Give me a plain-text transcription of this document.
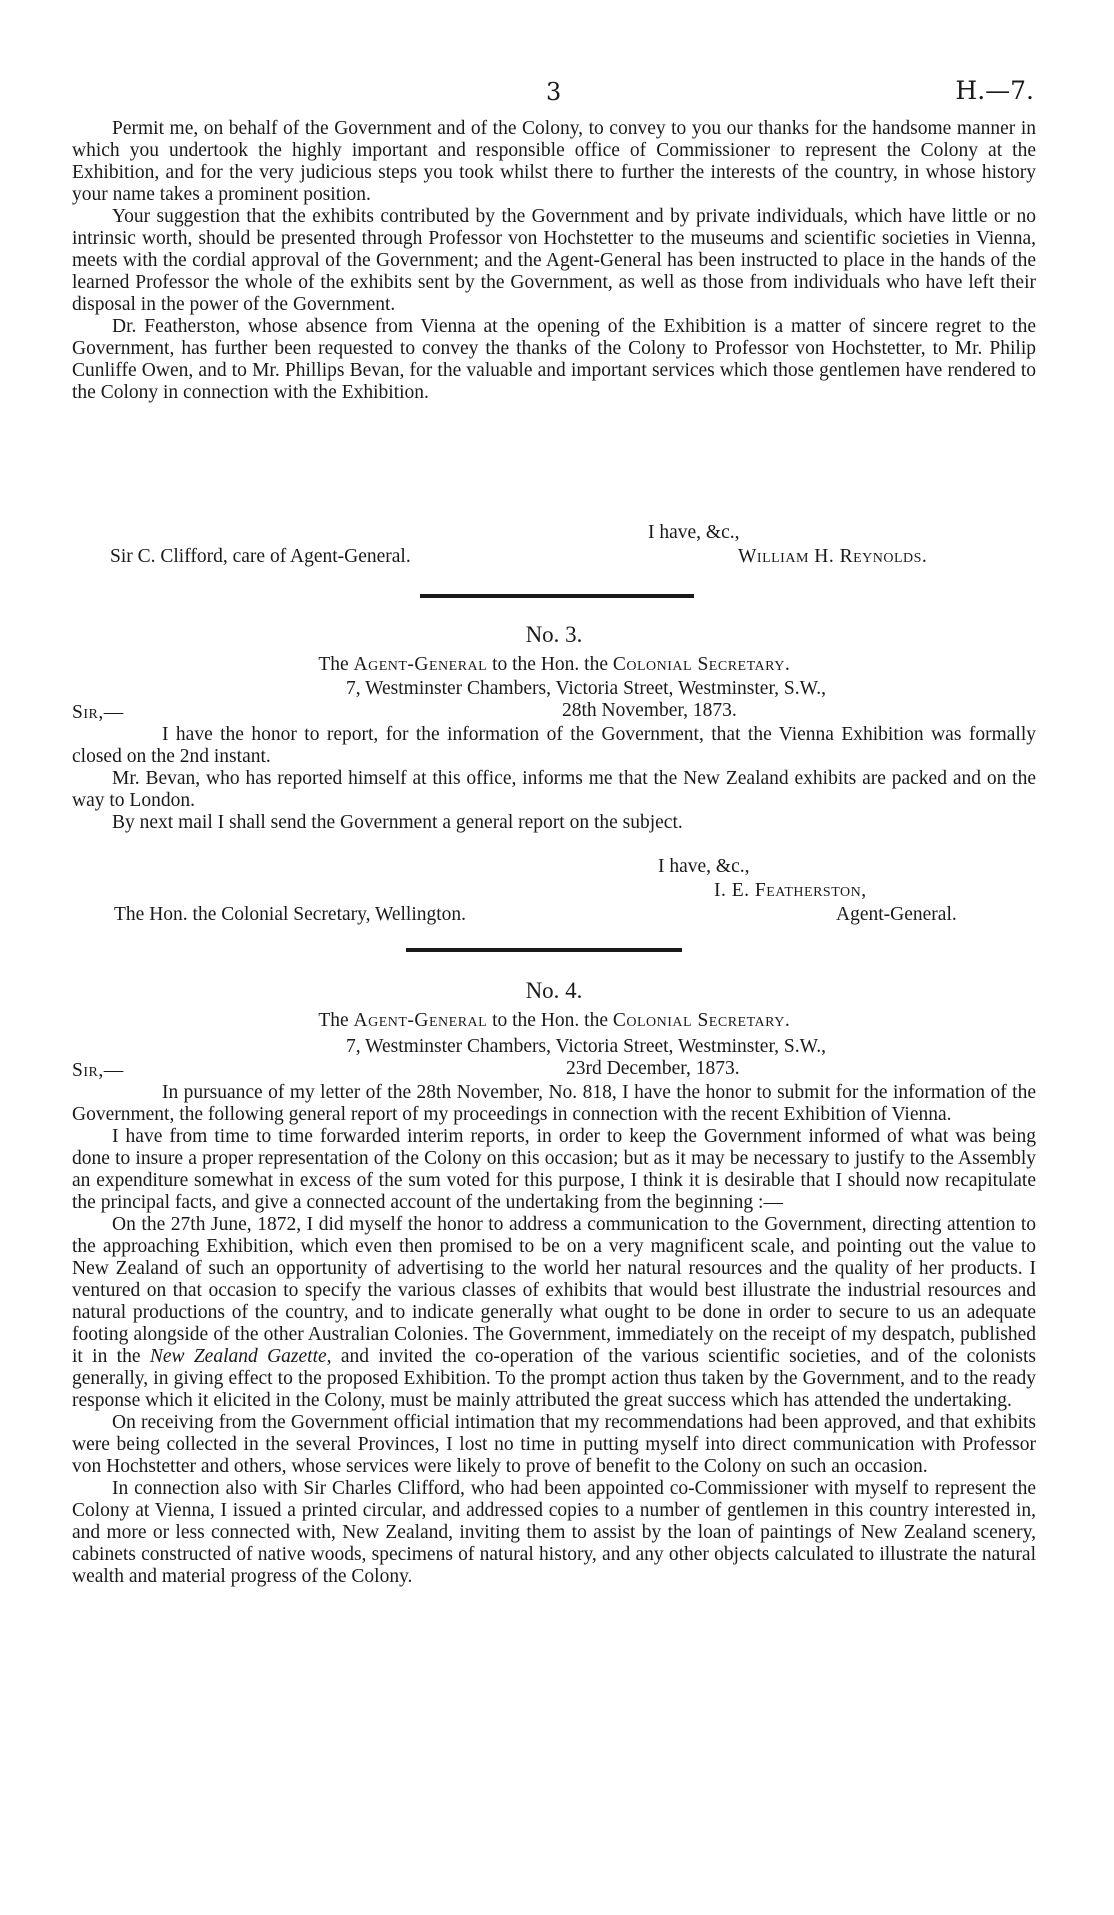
3	H.—7.

Permit me, on behalf of the Government and of the Colony, to convey to you our thanks for the handsome manner in which you undertook the highly important and responsible office of Commissioner to represent the Colony at the Exhibition, and for the very judicious steps you took whilst there to further the interests of the country, in whose history your name takes a prominent position.

Your suggestion that the exhibits contributed by the Government and by private individuals, which have little or no intrinsic worth, should be presented through Professor von Hochstetter to the museums and scientific societies in Vienna, meets with the cordial approval of the Government; and the Agent-General has been instructed to place in the hands of the learned Professor the whole of the exhibits sent by the Government, as well as those from individuals who have left their disposal in the power of the Government.

Dr. Featherston, whose absence from Vienna at the opening of the Exhibition is a matter of sincere regret to the Government, has further been requested to convey the thanks of the Colony to Professor von Hochstetter, to Mr. Philip Cunliffe Owen, and to Mr. Phillips Bevan, for the valuable and important services which those gentlemen have rendered to the Colony in connection with the Exhibition.

I have, &c.,
Sir C. Clifford, care of Agent-General.	William H. Reynolds.
No. 3.
The Agent-General to the Hon. the Colonial Secretary.
7, Westminster Chambers, Victoria Street, Westminster, S.W.,
28th November, 1873.
Sir,—

I have the honor to report, for the information of the Government, that the Vienna Exhibition was formally closed on the 2nd instant.

Mr. Bevan, who has reported himself at this office, informs me that the New Zealand exhibits are packed and on the way to London.

By next mail I shall send the Government a general report on the subject.

I have, &c.,
I. E. Featherston,
The Hon. the Colonial Secretary, Wellington.	Agent-General.
No. 4.
The Agent-General to the Hon. the Colonial Secretary.
7, Westminster Chambers, Victoria Street, Westminster, S.W.,
23rd December, 1873.
Sir,—

In pursuance of my letter of the 28th November, No. 818, I have the honor to submit for the information of the Government, the following general report of my proceedings in connection with the recent Exhibition of Vienna.

I have from time to time forwarded interim reports, in order to keep the Government informed of what was being done to insure a proper representation of the Colony on this occasion; but as it may be necessary to justify to the Assembly an expenditure somewhat in excess of the sum voted for this purpose, I think it is desirable that I should now recapitulate the principal facts, and give a connected account of the undertaking from the beginning :—

On the 27th June, 1872, I did myself the honor to address a communication to the Government, directing attention to the approaching Exhibition, which even then promised to be on a very magnificent scale, and pointing out the value to New Zealand of such an opportunity of advertising to the world her natural resources and the quality of her products. I ventured on that occasion to specify the various classes of exhibits that would best illustrate the industrial resources and natural productions of the country, and to indicate generally what ought to be done in order to secure to us an adequate footing alongside of the other Australian Colonies. The Government, immediately on the receipt of my despatch, published it in the New Zealand Gazette, and invited the co-operation of the various scientific societies, and of the colonists generally, in giving effect to the proposed Exhibition. To the prompt action thus taken by the Government, and to the ready response which it elicited in the Colony, must be mainly attributed the great success which has attended the undertaking.

On receiving from the Government official intimation that my recommendations had been approved, and that exhibits were being collected in the several Provinces, I lost no time in putting myself into direct communication with Professor von Hochstetter and others, whose services were likely to prove of benefit to the Colony on such an occasion.

In connection also with Sir Charles Clifford, who had been appointed co-Commissioner with myself to represent the Colony at Vienna, I issued a printed circular, and addressed copies to a number of gentlemen in this country interested in, and more or less connected with, New Zealand, inviting them to assist by the loan of paintings of New Zealand scenery, cabinets constructed of native woods, specimens of natural history, and any other objects calculated to illustrate the natural wealth and material progress of the Colony.
